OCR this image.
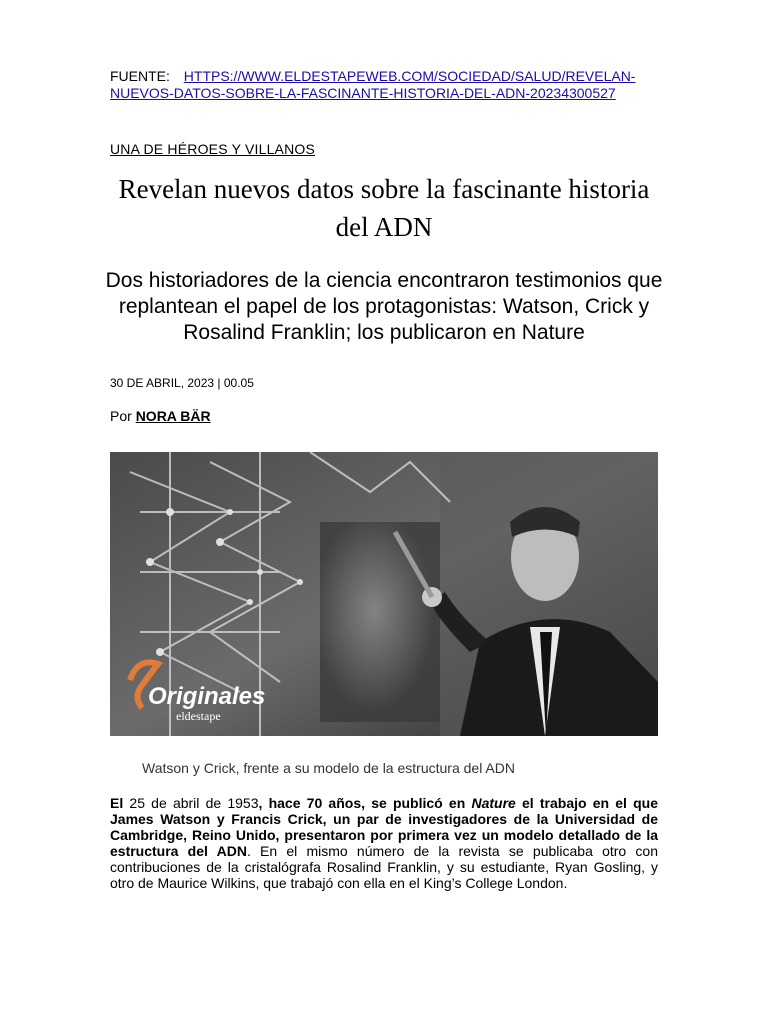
FUENTE: HTTPS://WWW.ELDESTAPEWEB.COM/SOCIEDAD/SALUD/REVELAN-
NUEVOS-DATOS-SOBRE-LA-FASCINANTE-HISTORIA-DEL-ADN-20234300527
UNA DE HÉROES Y VILLANOS
Revelan nuevos datos sobre la fascinante historia del ADN
Dos historiadores de la ciencia encontraron testimonios que replantean el papel de los protagonistas: Watson, Crick y Rosalind Franklin; los publicaron en Nature
30 DE ABRIL, 2023 | 00.05
Por NORA BÄR
Originales
eldestape
Watson y Crick, frente a su modelo de la estructura del ADN

El 25 de abril de 1953, hace 70 años, se publicó en Nature el trabajo en el que James Watson y Francis Crick, un par de investigadores de la Universidad de Cambridge, Reino Unido, presentaron por primera vez un modelo detallado de la estructura del ADN. En el mismo número de la revista se publicaba otro con contribuciones de la cristalógrafa Rosalind Franklin, y su estudiante, Ryan Gosling, y otro de Maurice Wilkins, que trabajó con ella en el King’s College London.
